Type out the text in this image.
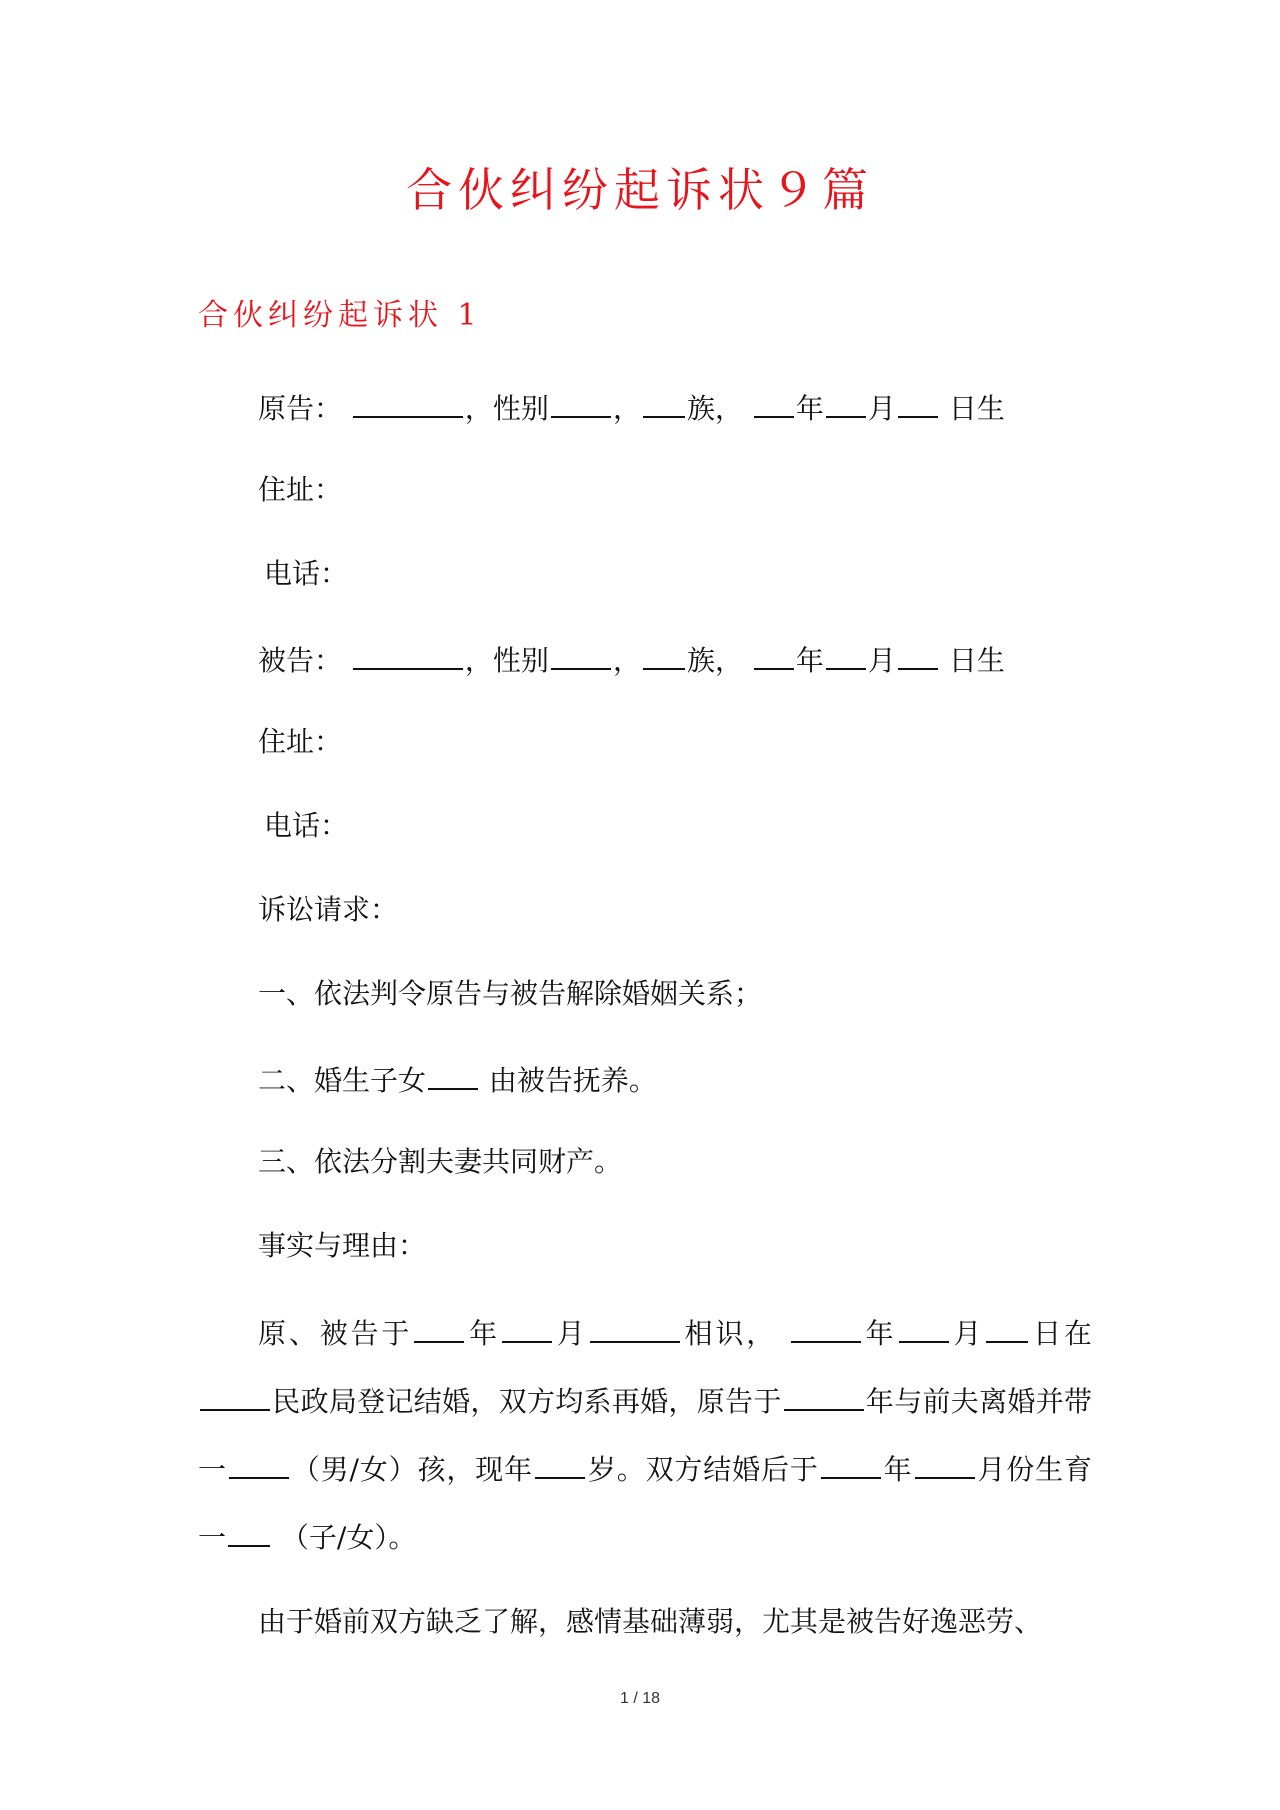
合伙纠纷起诉状９篇
合伙纠纷起诉状 1
原告：	，性别 ， 族， 年 月 日生
住址：
电话：
被告：	，性别 ， 族， 年 月 日生
住址：
电话：
诉讼请求：
一、依法判令原告与被告解除婚姻关系；
二、婚生子女 由被告抚养。
三、依法分割夫妻共同财产。
事实与理由：
原、被告于 年 月	相识，	年 月 日在民政局登记结婚，双方均系再婚，原告于	年与前夫离婚并带一 （男/女）孩，现年 岁。双方结婚后于 年 月份生育一 （子/女）。
由于婚前双方缺乏了解，感情基础薄弱，尤其是被告好逸恶劳、
1 / 18
